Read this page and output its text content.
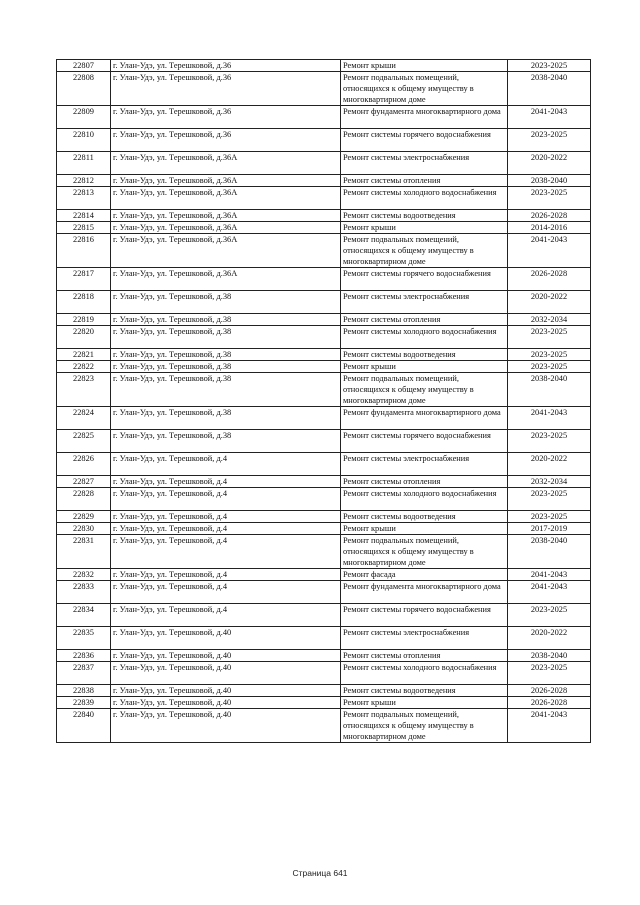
22807	г. Улан-Удэ, ул. Терешковой, д.36	Ремонт крыши	2023-2025
22808	г. Улан-Удэ, ул. Терешковой, д.36	Ремонт подвальных помещений, относящихся к общему имуществу в многоквартирном доме	2038-2040
22809	г. Улан-Удэ, ул. Терешковой, д.36	Ремонт фундамента многоквартирного дома	2041-2043
22810	г. Улан-Удэ, ул. Терешковой, д.36	Ремонт системы горячего водоснабжения	2023-2025
22811	г. Улан-Удэ, ул. Терешковой, д.36А	Ремонт системы электроснабжения	2020-2022
22812	г. Улан-Удэ, ул. Терешковой, д.36А	Ремонт системы отопления	2038-2040
22813	г. Улан-Удэ, ул. Терешковой, д.36А	Ремонт системы холодного водоснабжения	2023-2025
22814	г. Улан-Удэ, ул. Терешковой, д.36А	Ремонт системы водоотведения	2026-2028
22815	г. Улан-Удэ, ул. Терешковой, д.36А	Ремонт крыши	2014-2016
22816	г. Улан-Удэ, ул. Терешковой, д.36А	Ремонт подвальных помещений, относящихся к общему имуществу в многоквартирном доме	2041-2043
22817	г. Улан-Удэ, ул. Терешковой, д.36А	Ремонт системы горячего водоснабжения	2026-2028
22818	г. Улан-Удэ, ул. Терешковой, д.38	Ремонт системы электроснабжения	2020-2022
22819	г. Улан-Удэ, ул. Терешковой, д.38	Ремонт системы отопления	2032-2034
22820	г. Улан-Удэ, ул. Терешковой, д.38	Ремонт системы холодного водоснабжения	2023-2025
22821	г. Улан-Удэ, ул. Терешковой, д.38	Ремонт системы водоотведения	2023-2025
22822	г. Улан-Удэ, ул. Терешковой, д.38	Ремонт крыши	2023-2025
22823	г. Улан-Удэ, ул. Терешковой, д.38	Ремонт подвальных помещений, относящихся к общему имуществу в многоквартирном доме	2038-2040
22824	г. Улан-Удэ, ул. Терешковой, д.38	Ремонт фундамента многоквартирного дома	2041-2043
22825	г. Улан-Удэ, ул. Терешковой, д.38	Ремонт системы горячего водоснабжения	2023-2025
22826	г. Улан-Удэ, ул. Терешковой, д.4	Ремонт системы электроснабжения	2020-2022
22827	г. Улан-Удэ, ул. Терешковой, д.4	Ремонт системы отопления	2032-2034
22828	г. Улан-Удэ, ул. Терешковой, д.4	Ремонт системы холодного водоснабжения	2023-2025
22829	г. Улан-Удэ, ул. Терешковой, д.4	Ремонт системы водоотведения	2023-2025
22830	г. Улан-Удэ, ул. Терешковой, д.4	Ремонт крыши	2017-2019
22831	г. Улан-Удэ, ул. Терешковой, д.4	Ремонт подвальных помещений, относящихся к общему имуществу в многоквартирном доме	2038-2040
22832	г. Улан-Удэ, ул. Терешковой, д.4	Ремонт фасада	2041-2043
22833	г. Улан-Удэ, ул. Терешковой, д.4	Ремонт фундамента многоквартирного дома	2041-2043
22834	г. Улан-Удэ, ул. Терешковой, д.4	Ремонт системы горячего водоснабжения	2023-2025
22835	г. Улан-Удэ, ул. Терешковой, д.40	Ремонт системы электроснабжения	2020-2022
22836	г. Улан-Удэ, ул. Терешковой, д.40	Ремонт системы отопления	2038-2040
22837	г. Улан-Удэ, ул. Терешковой, д.40	Ремонт системы холодного водоснабжения	2023-2025
22838	г. Улан-Удэ, ул. Терешковой, д.40	Ремонт системы водоотведения	2026-2028
22839	г. Улан-Удэ, ул. Терешковой, д.40	Ремонт крыши	2026-2028
22840	г. Улан-Удэ, ул. Терешковой, д.40	Ремонт подвальных помещений, относящихся к общему имуществу в многоквартирном доме	2041-2043
Страница 641
